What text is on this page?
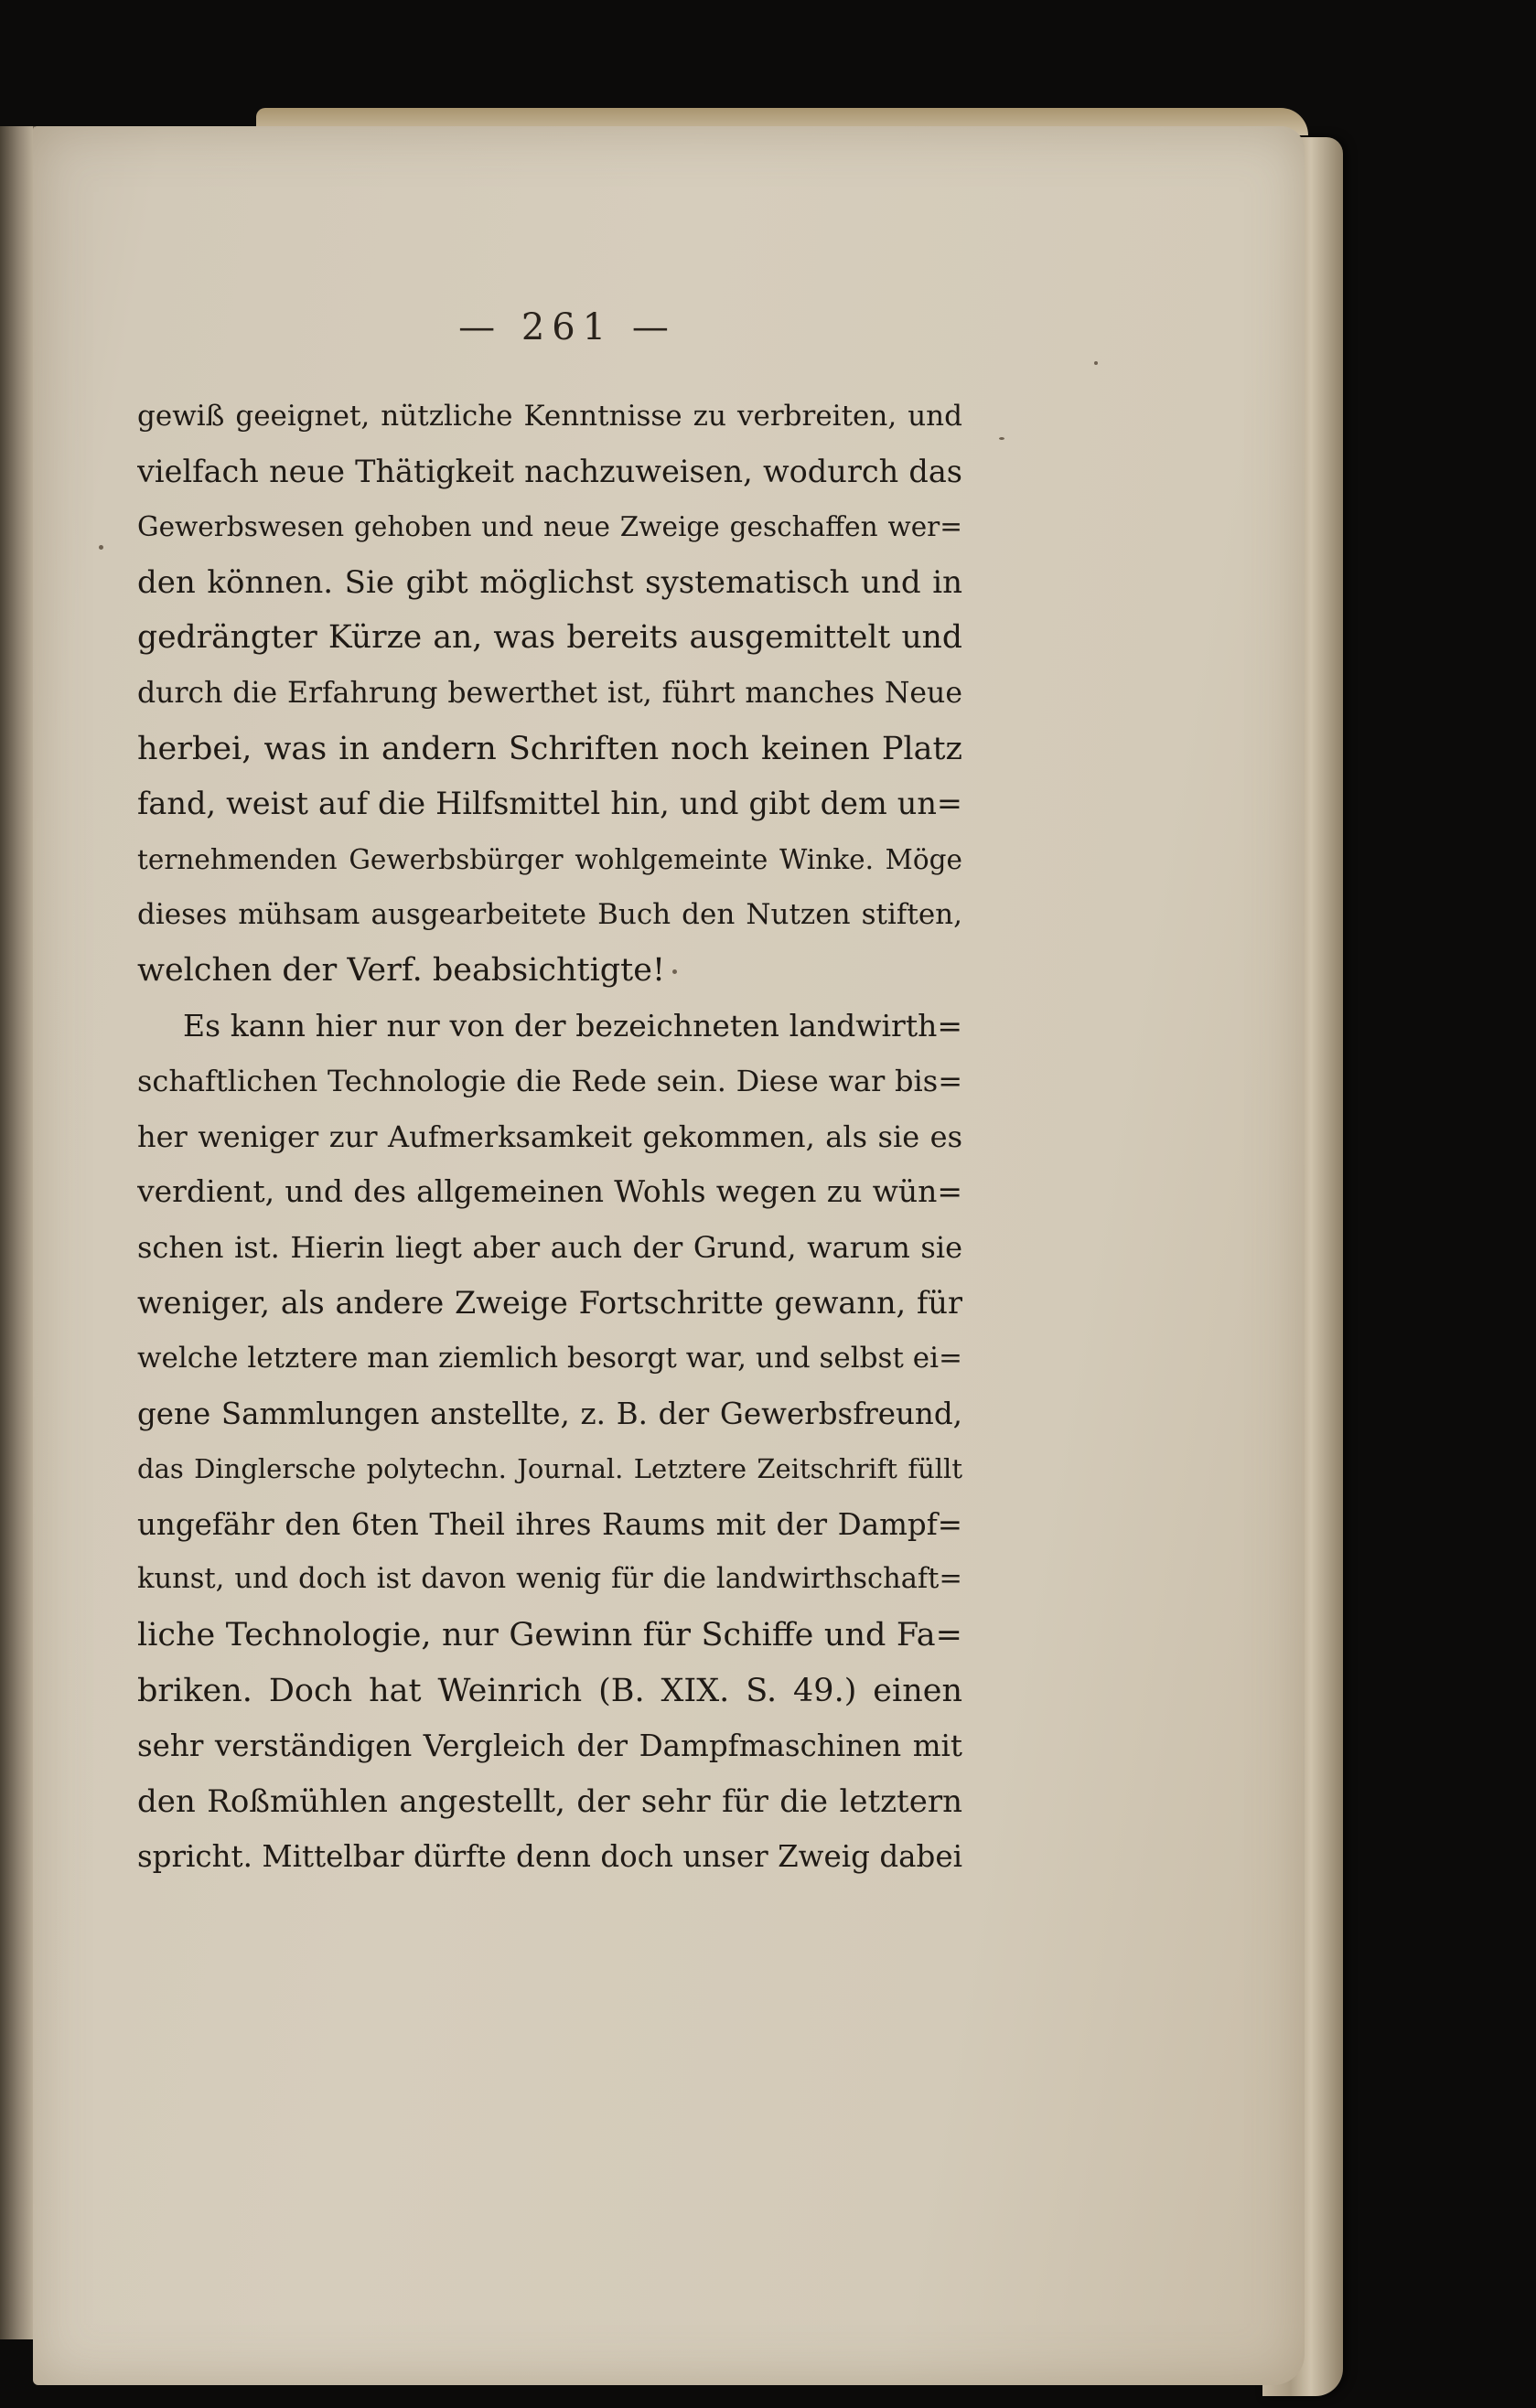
— 261 —
gewiß geeignet, nützliche Kenntnisse zu verbreiten, und
vielfach neue Thätigkeit nachzuweisen, wodurch das
Gewerbswesen gehoben und neue Zweige geschaffen wer=
den können. Sie gibt möglichst systematisch und in
gedrängter Kürze an, was bereits ausgemittelt und
durch die Erfahrung bewerthet ist, führt manches Neue
herbei, was in andern Schriften noch keinen Platz
fand, weist auf die Hilfsmittel hin, und gibt dem un=
ternehmenden Gewerbsbürger wohlgemeinte Winke. Möge
dieses mühsam ausgearbeitete Buch den Nutzen stiften,
welchen der Verf. beabsichtigte!
Es kann hier nur von der bezeichneten landwirth=
schaftlichen Technologie die Rede sein. Diese war bis=
her weniger zur Aufmerksamkeit gekommen, als sie es
verdient, und des allgemeinen Wohls wegen zu wün=
schen ist. Hierin liegt aber auch der Grund, warum sie
weniger, als andere Zweige Fortschritte gewann, für
welche letztere man ziemlich besorgt war, und selbst ei=
gene Sammlungen anstellte, z. B. der Gewerbsfreund,
das Dinglersche polytechn. Journal. Letztere Zeitschrift füllt
ungefähr den 6ten Theil ihres Raums mit der Dampf=
kunst, und doch ist davon wenig für die landwirthschaft=
liche Technologie, nur Gewinn für Schiffe und Fa=
briken. Doch hat Weinrich (B. XIX. S. 49.) einen
sehr verständigen Vergleich der Dampfmaschinen mit
den Roßmühlen angestellt, der sehr für die letztern
spricht. Mittelbar dürfte denn doch unser Zweig dabei
